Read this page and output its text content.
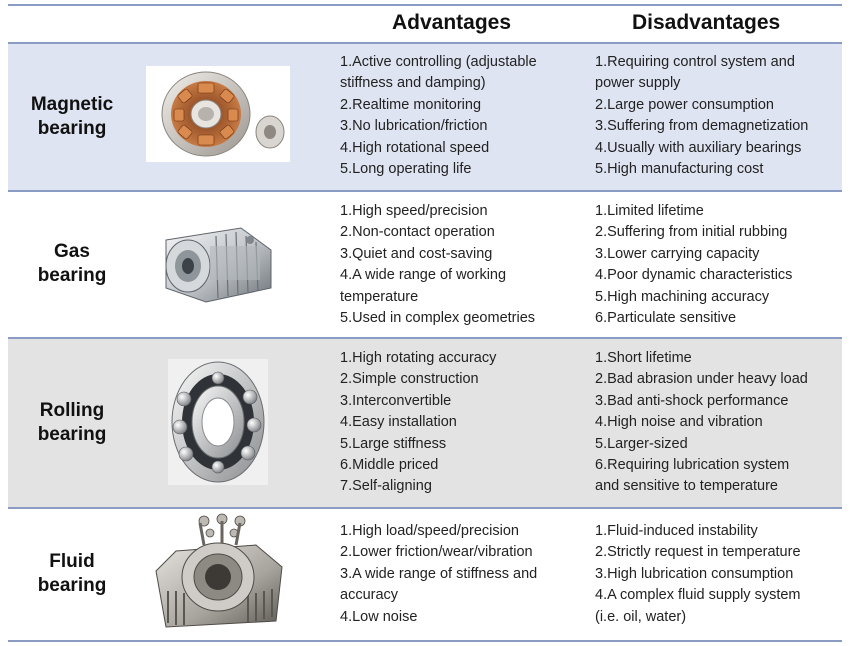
Advantages	Disadvantages
Magnetic
bearing
1.Active controlling (adjustable
stiffness and damping)
2.Realtime monitoring
3.No lubrication/friction
4.High rotational speed
5.Long operating life
1.Requiring control system and
power supply
2.Large power consumption
3.Suffering from demagnetization
4.Usually with auxiliary bearings
5.High manufacturing cost
Gas
bearing
1.High speed/precision
2.Non-contact operation
3.Quiet and cost-saving
4.A wide range of working
temperature
5.Used in complex geometries
1.Limited lifetime
2.Suffering from initial rubbing
3.Lower carrying capacity
4.Poor dynamic characteristics
5.High machining accuracy
6.Particulate sensitive
Rolling
bearing
1.High rotating accuracy
2.Simple construction
3.Interconvertible
4.Easy installation
5.Large stiffness
6.Middle priced
7.Self-aligning
1.Short lifetime
2.Bad abrasion under heavy load
3.Bad anti-shock performance
4.High noise and vibration
5.Larger-sized
6.Requiring lubrication system
and sensitive to temperature
Fluid
bearing
1.High load/speed/precision
2.Lower friction/wear/vibration
3.A wide range of stiffness and
accuracy
4.Low noise
1.Fluid-induced instability
2.Strictly request in temperature
3.High lubrication consumption
4.A complex fluid supply system
(i.e. oil, water)
